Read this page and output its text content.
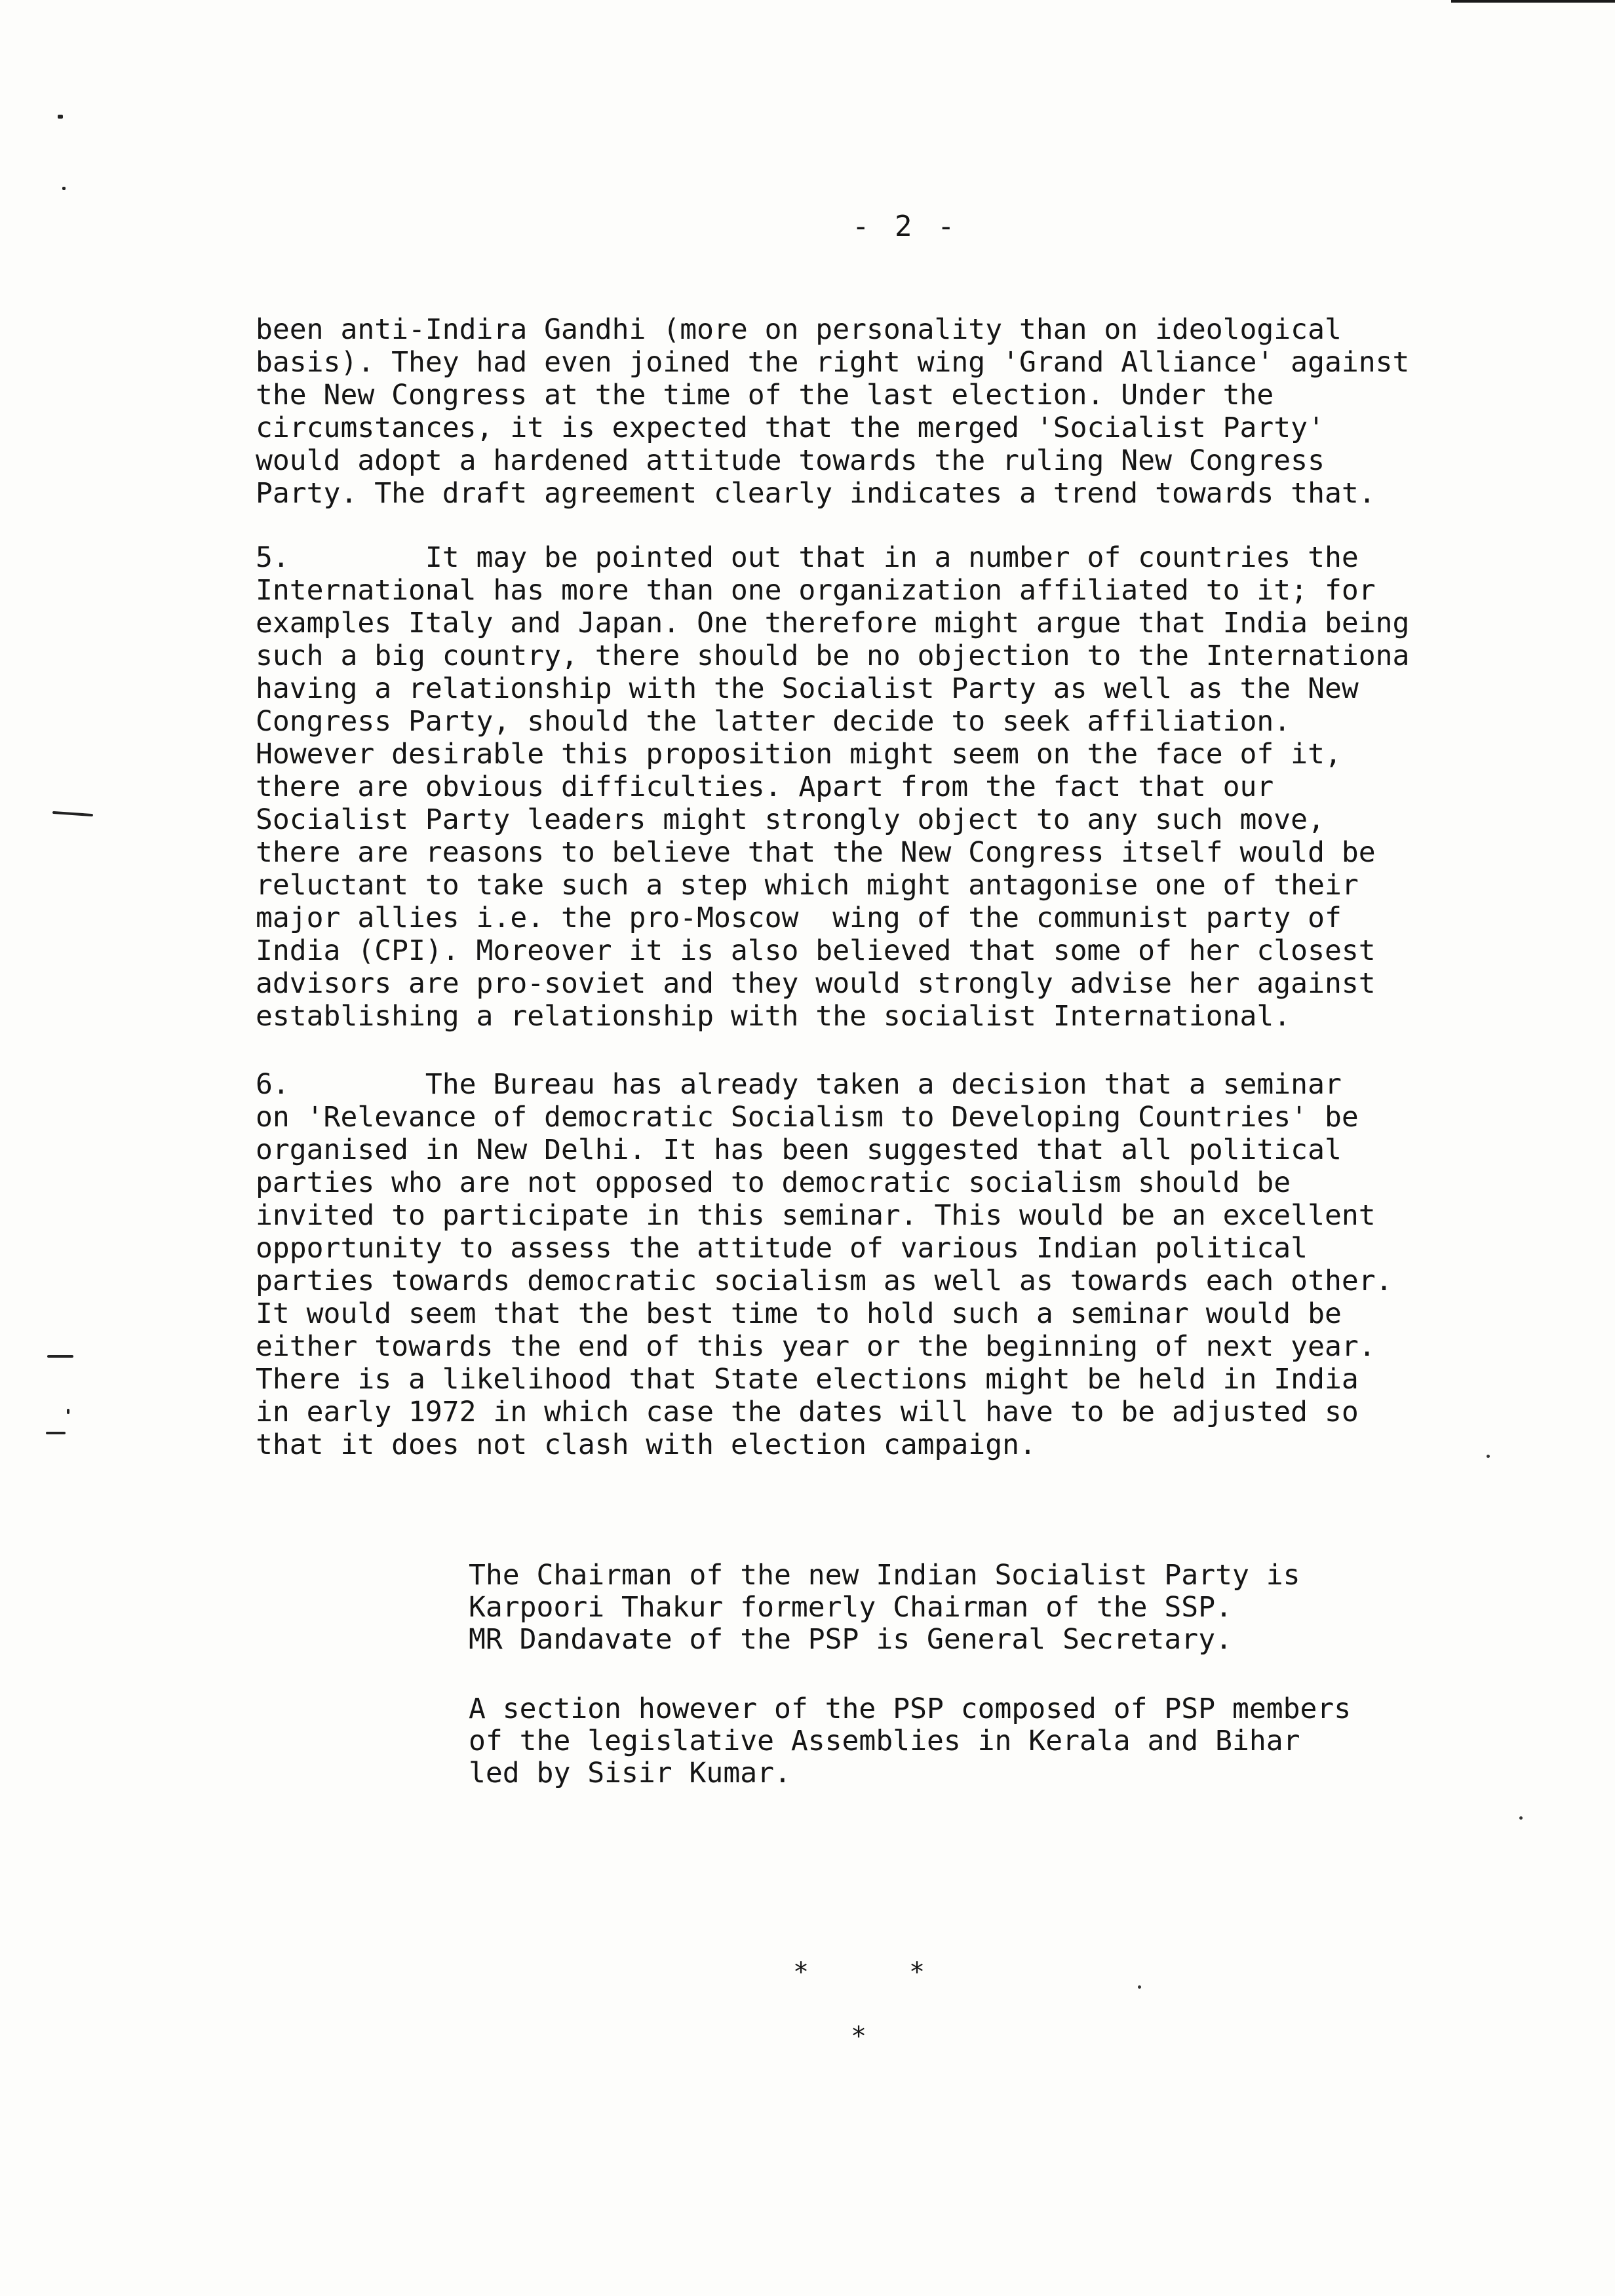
- 2 -
been anti-Indira Gandhi (more on personality than on ideological
basis). They had even joined the right wing 'Grand Alliance' against
the New Congress at the time of the last election. Under the
circumstances, it is expected that the merged 'Socialist Party'
would adopt a hardened attitude towards the ruling New Congress
Party. The draft agreement clearly indicates a trend towards that.
5.        It may be pointed out that in a number of countries the
International has more than one organization affiliated to it; for
examples Italy and Japan. One therefore might argue that India being
such a big country, there should be no objection to the Internationa
having a relationship with the Socialist Party as well as the New
Congress Party, should the latter decide to seek affiliation.
However desirable this proposition might seem on the face of it,
there are obvious difficulties. Apart from the fact that our
Socialist Party leaders might strongly object to any such move,
there are reasons to believe that the New Congress itself would be
reluctant to take such a step which might antagonise one of their
major allies i.e. the pro-Moscow  wing of the communist party of
India (CPI). Moreover it is also believed that some of her closest
advisors are pro-soviet and they would strongly advise her against
establishing a relationship with the socialist International.
6.        The Bureau has already taken a decision that a seminar
on 'Relevance of democratic Socialism to Developing Countries' be
organised in New Delhi. It has been suggested that all political
parties who are not opposed to democratic socialism should be
invited to participate in this seminar. This would be an excellent
opportunity to assess the attitude of various Indian political
parties towards democratic socialism as well as towards each other.
It would seem that the best time to hold such a seminar would be
either towards the end of this year or the beginning of next year.
There is a likelihood that State elections might be held in India
in early 1972 in which case the dates will have to be adjusted so
that it does not clash with election campaign.
The Chairman of the new Indian Socialist Party is
Karpoori Thakur formerly Chairman of the SSP.
MR Dandavate of the PSP is General Secretary.
A section however of the PSP composed of PSP members
of the legislative Assemblies in Kerala and Bihar
led by Sisir Kumar.
*	*
*
